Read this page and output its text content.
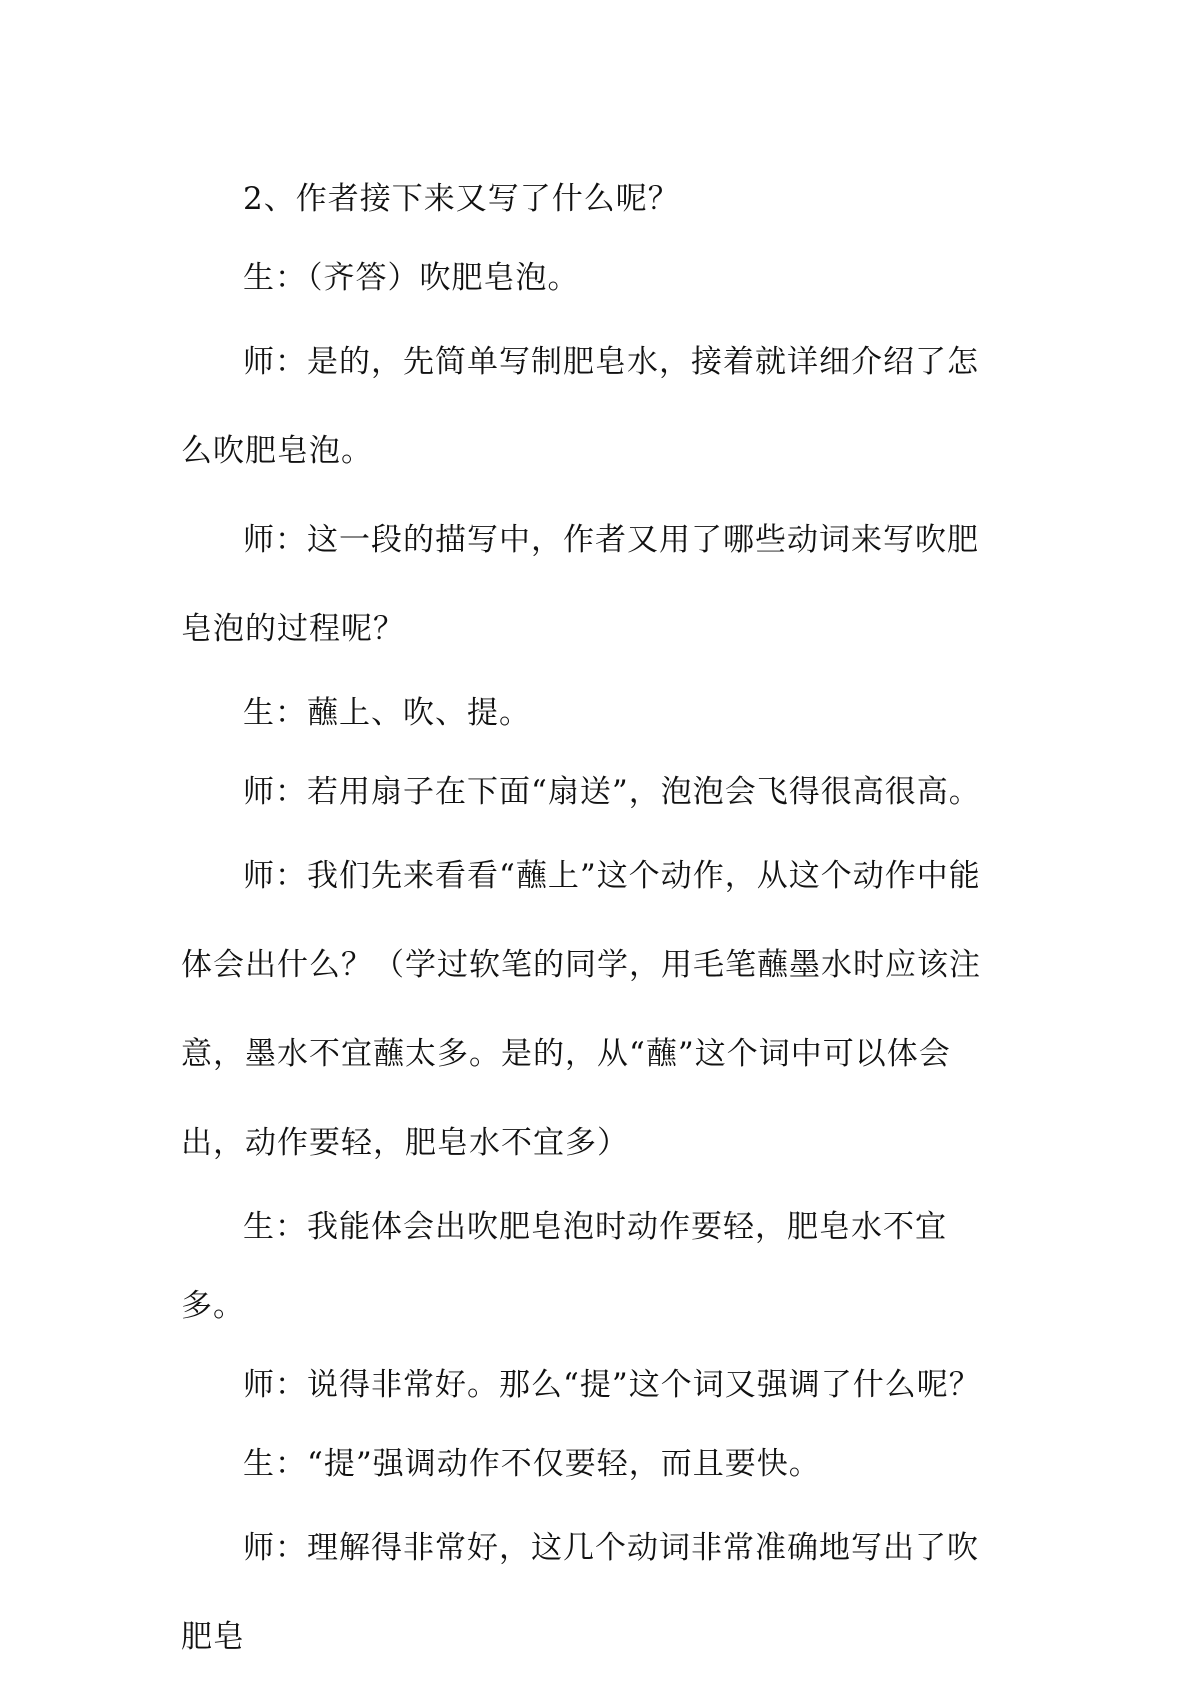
2、作者接下来又写了什么呢？

生：（齐答）吹肥皂泡。

师：是的，先简单写制肥皂水，接着就详细介绍了怎么吹肥皂泡。

师：这一段的描写中，作者又用了哪些动词来写吹肥皂泡的过程呢？

生：蘸上、吹、提。

师：若用扇子在下面“扇送”，泡泡会飞得很高很高。

师：我们先来看看“蘸上”这个动作，从这个动作中能体会出什么？（学过软笔的同学，用毛笔蘸墨水时应该注意，墨水不宜蘸太多。是的，从“蘸”这个词中可以体会出，动作要轻，肥皂水不宜多）

生：我能体会出吹肥皂泡时动作要轻，肥皂水不宜多。

师：说得非常好。那么“提”这个词又强调了什么呢？

生：“提”强调动作不仅要轻，而且要快。

师：理解得非常好，这几个动词非常准确地写出了吹肥皂
